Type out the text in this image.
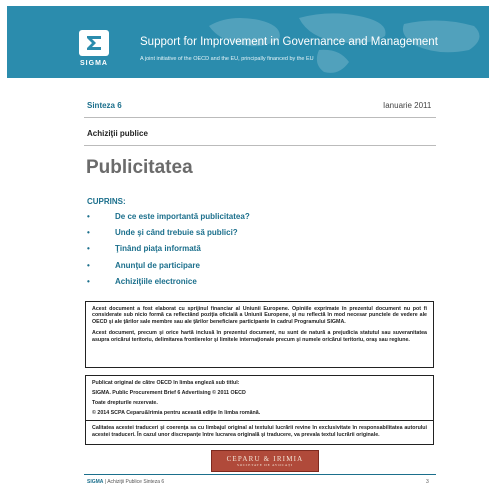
SIGMA
Support for Improvement in Governance and Management
A joint initiative of the OECD and the EU, principally financed by the EU
Sinteza 6	Ianuarie 2011
Achiziţii publice
Publicitatea
CUPRINS:
•	De ce este importantă publicitatea?
•	Unde şi când trebuie să publici?
•	Ţinând piaţa informată
•	Anunţul de participare
•	Achiziţiile electronice

Acest document a fost elaborat cu sprijinul financiar al Uniunii Europene. Opiniile exprimate în prezentul document nu pot fi considerate sub nicio formă ca reflectând poziţia oficială a Uniunii Europene, şi nu reflectă în mod necesar punctele de vedere ale OECD şi ale ţărilor sale membre sau ale ţărilor beneficiare participante în cadrul Programului SIGMA.

Acest document, precum şi orice hartă inclusă în prezentul document, nu sunt de natură a prejudicia statutul sau suveranitatea asupra oricărui teritoriu, delimitarea frontierelor şi limitele internaţionale precum şi numele oricărui teritoriu, oraş sau regiune.

Publicat original de către OECD în limba engleză sub titlul:
SIGMA. Public Procurement Brief 6 Advertising © 2011 OECD
Toate drepturile rezervate.
© 2014 SCPA Ceparu&Irimia pentru această ediţie în limba română.

Calitatea acestei traduceri şi coerenţa sa cu limbajul original al textului lucrării revine în exclusivitate în responsabilitatea autorului acestei traduceri. În cazul unor discrepanţe între lucrarea originală şi traducere, va prevala textul lucrării originale.

CEPARU & IRIMIA
SOCIETATE DE AVOCAŢI
SIGMA | Achiziţii Publice Sinteza 6	3
